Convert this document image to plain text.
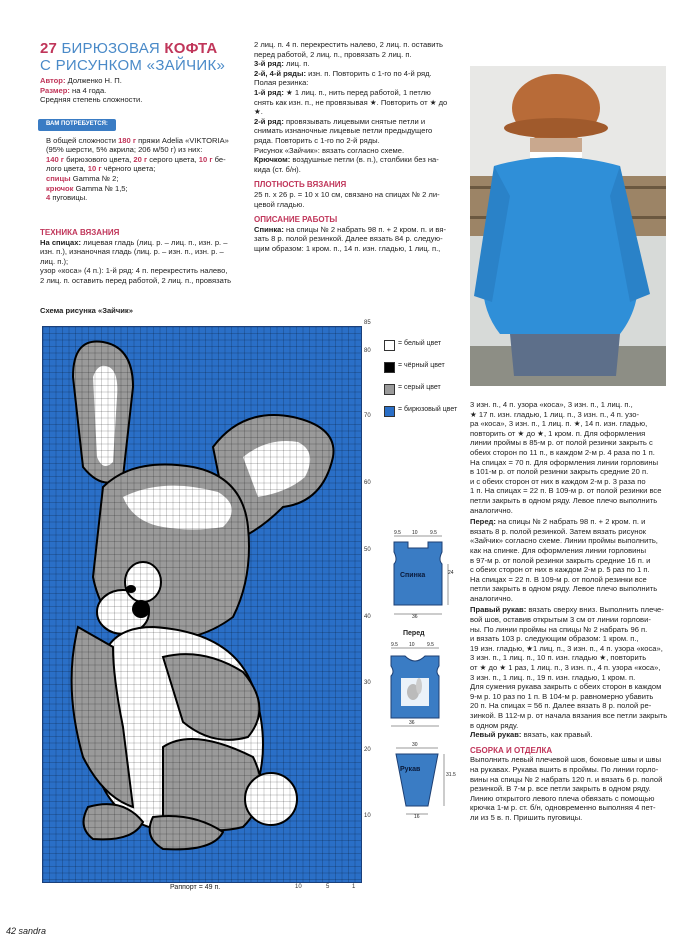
27 БИРЮЗОВАЯ КОФТА
С РИСУНКОМ «ЗАЙЧИК»

Автор: Долженко Н. П.

Размер: на 4 года.

Средняя степень сложности.

ВАМ ПОТРЕБУЕТСЯ:

В общей сложности 180 г пряжи Adelia «VIKTORIA»

(95% шерсти, 5% акрила; 206 м/50 г) из них:

140 г бирюзового цвета, 20 г серого цвета, 10 г бе-

лого цвета, 10 г чёрного цвета;

спицы Gamma № 2;

крючок Gamma № 1,5;

4 пуговицы.

ТЕХНИКА ВЯЗАНИЯ

На спицах: лицевая гладь (лиц. р. – лиц. п., изн. р. –

изн. п.), изнаночная гладь (лиц. р. – изн. п., изн. р. –

лиц. п.);

узор «коса» (4 п.): 1-й ряд: 4 п. перекрестить налево,

2 лиц. п. оставить перед работой, 2 лиц. п., провязать

2 лиц. п. 4 п. перекрестить налево, 2 лиц. п. оставить

перед работой, 2 лиц. п., провязать 2 лиц. п.

3-й ряд: лиц. п.

2-й, 4-й ряды: изн. п. Повторить с 1-го по 4-й ряд.

Полая резинка:

1-й ряд: ★ 1 лиц. п., нить перед работой, 1 петлю

снять как изн. п., не провязывая ★. Повторить от ★ до

★.

2-й ряд: провязывать лицевыми снятые петли и

снимать изнаночные лицевые петли предыдущего

ряда. Повторить с 1-го по 2-й ряды.

Рисунок «Зайчик»: вязать согласно схеме.

Крючком: воздушные петли (в. п.), столбики без на-

кида (ст. б/н).

ПЛОТНОСТЬ ВЯЗАНИЯ

25 п. х 26 р. = 10 х 10 см, связано на спицах № 2 ли-

цевой гладью.

ОПИСАНИЕ РАБОТЫ

Спинка: на спицы № 2 набрать 98 п. + 2 кром. п. и вя-

зать 8 р. полой резинкой. Далее вязать 84 р. следую-

щим образом: 1 кром. п., 14 п. изн. гладью, 1 лиц. п.,

Схема рисунка «Зайчик»
85
80
70
60
50
40
30
20
10
10	5	1
Раппорт = 49 п.
= белый цвет
= чёрный цвет
= серый цвет
= бирюзовый цвет
Спинка
9.5 10 9.5
24
36
Перед
9.5 10 9.5
36
Рукав
30
31.5
16

3 изн. п., 4 п. узора «коса», 3 изн. п., 1 лиц. п.,

★ 17 п. изн. гладью, 1 лиц. п., 3 изн. п., 4 п. узо-

ра «коса», 3 изн. п., 1 лиц. п. ★, 14 п. изн. гладью,

повторить от ★ до ★, 1 кром. п. Для оформления

линии проймы в 85-м р. от полой резинки закрыть с

обеих сторон по 11 п., в каждом 2-м р. 4 раза по 1 п.

На спицах = 70 п. Для оформления линии горловины

в 101-м р. от полой резинки закрыть средние 20 п.

и с обеих сторон от них в каждом 2-м р. 3 раза по

1 п. На спицах = 22 п. В 109-м р. от полой резинки все

петли закрыть в одном ряду. Левое плечо выполнить

аналогично.

Перед: на спицы № 2 набрать 98 п. + 2 кром. п. и

вязать 8 р. полой резинкой. Затем вязать рисунок

«Зайчик» согласно схеме. Линии проймы выполнить,

как на спинке. Для оформления линии горловины

в 97-м р. от полой резинки закрыть средние 16 п. и

с обеих сторон от них в каждом 2-м р. 5 раз по 1 п.

На спицах = 22 п. В 109-м р. от полой резинки все

петли закрыть в одном ряду. Левое плечо выполнить

аналогично.

Правый рукав: вязать сверху вниз. Выполнить плече-

вой шов, оставив открытым 3 см от линии горлови-

ны. По линии проймы на спицы № 2 набрать 96 п.

и вязать 103 р. следующим образом: 1 кром. п.,

19 изн. гладью, ★1 лиц. п., 3 изн. п., 4 п. узора «коса»,

3 изн. п., 1 лиц. п., 10 п. изн. гладью ★, повторить

от ★ до ★ 1 раз, 1 лиц. п., 3 изн. п., 4 п. узора «коса»,

3 изн. п., 1 лиц. п., 19 п. изн. гладью, 1 кром. п.

Для сужения рукава закрыть с обеих сторон в каждом

9-м р. 10 раз по 1 п. В 104-м р. равномерно убавить

20 п. На спицах = 56 п. Далее вязать 8 р. полой ре-

зинкой. В 112-м р. от начала вязания все петли закрыть

в одном ряду.

Левый рукав: вязать, как правый.

СБОРКА И ОТДЕЛКА

Выполнить левый плечевой шов, боковые швы и швы

на рукавах. Рукава вшить в проймы. По линии горло-

вины на спицы № 2 набрать 120 п. и вязать 6 р. полой

резинкой. В 7-м р. все петли закрыть в одном ряду.

Линию открытого левого плеча обвязать с помощью

крючка 1-м р. ст. б/н, одновременно выполняя 4 пет-

ли из 5 в. п. Пришить пуговицы.

42 sandra
